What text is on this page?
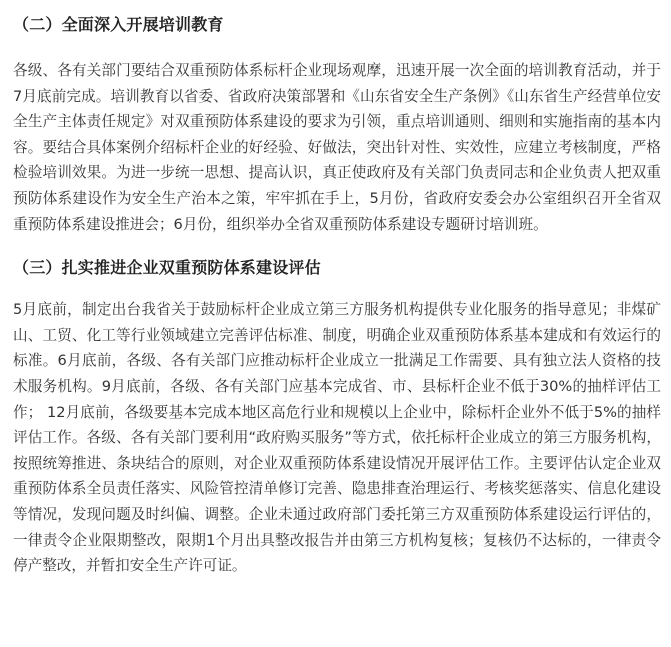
（二）全面深入开展培训教育
各级、各有关部门要结合双重预防体系标杆企业现场观摩，迅速开展一次全面的培训教育活动，并于7月底前完成。培训教育以省委、省政府决策部署和《山东省安全生产条例》《山东省生产经营单位安全生产主体责任规定》对双重预防体系建设的要求为引领，重点培训通则、细则和实施指南的基本内容。要结合具体案例介绍标杆企业的好经验、好做法，突出针对性、实效性，应建立考核制度，严格检验培训效果。为进一步统一思想、提高认识，真正使政府及有关部门负责同志和企业负责人把双重预防体系建设作为安全生产治本之策，牢牢抓在手上，5月份，省政府安委会办公室组织召开全省双重预防体系建设推进会；6月份，组织举办全省双重预防体系建设专题研讨培训班。
（三）扎实推进企业双重预防体系建设评估
5月底前，制定出台我省关于鼓励标杆企业成立第三方服务机构提供专业化服务的指导意见；非煤矿山、工贸、化工等行业领域建立完善评估标准、制度，明确企业双重预防体系基本建成和有效运行的标准。6月底前，各级、各有关部门应推动标杆企业成立一批满足工作需要、具有独立法人资格的技术服务机构。9月底前，各级、各有关部门应基本完成省、市、县标杆企业不低于30%的抽样评估工作； 12月底前，各级要基本完成本地区高危行业和规模以上企业中，除标杆企业外不低于5%的抽样评估工作。各级、各有关部门要利用“政府购买服务”等方式，依托标杆企业成立的第三方服务机构，按照统筹推进、条块结合的原则，对企业双重预防体系建设情况开展评估工作。主要评估认定企业双重预防体系全员责任落实、风险管控清单修订完善、隐患排查治理运行、考核奖惩落实、信息化建设等情况，发现问题及时纠偏、调整。企业未通过政府部门委托第三方双重预防体系建设运行评估的，一律责令企业限期整改，限期1个月出具整改报告并由第三方机构复核；复核仍不达标的，一律责令停产整改，并暂扣安全生产许可证。
